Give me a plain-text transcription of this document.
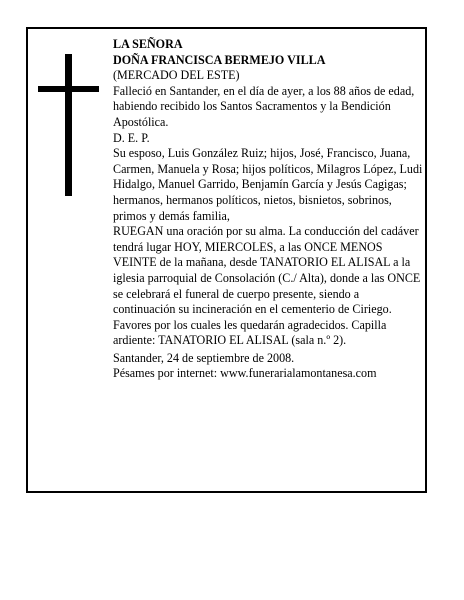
LA SEÑORA

DOÑA FRANCISCA BERMEJO VILLA

(MERCADO DEL ESTE)

Falleció en Santander, en el día de ayer, a los 88 años de edad, habiendo recibido los Santos Sacramentos y la Bendición Apostólica.

D. E. P.

Su esposo, Luis González Ruiz; hijos, José, Francisco, Juana, Carmen, Manuela y Rosa; hijos políticos, Milagros López, Ludi Hidalgo, Manuel Garrido, Benjamín García y Jesús Cagigas; hermanos, hermanos políticos, nietos, bisnietos, sobrinos, primos y demás familia,

RUEGAN una oración por su alma. La conducción del cadáver tendrá lugar HOY, MIERCOLES, a las ONCE MENOS VEINTE de la mañana, desde TANATORIO EL ALISAL a la iglesia parroquial de Consolación (C./ Alta), donde a las ONCE se celebrará el funeral de cuerpo presente, siendo a continuación su incineración en el cementerio de Ciriego. Favores por los cuales les quedarán agradecidos. Capilla ardiente: TANATORIO EL ALISAL (sala n.º 2).

Santander, 24 de septiembre de 2008.

Pésames por internet: www.funerarialamontanesa.com
